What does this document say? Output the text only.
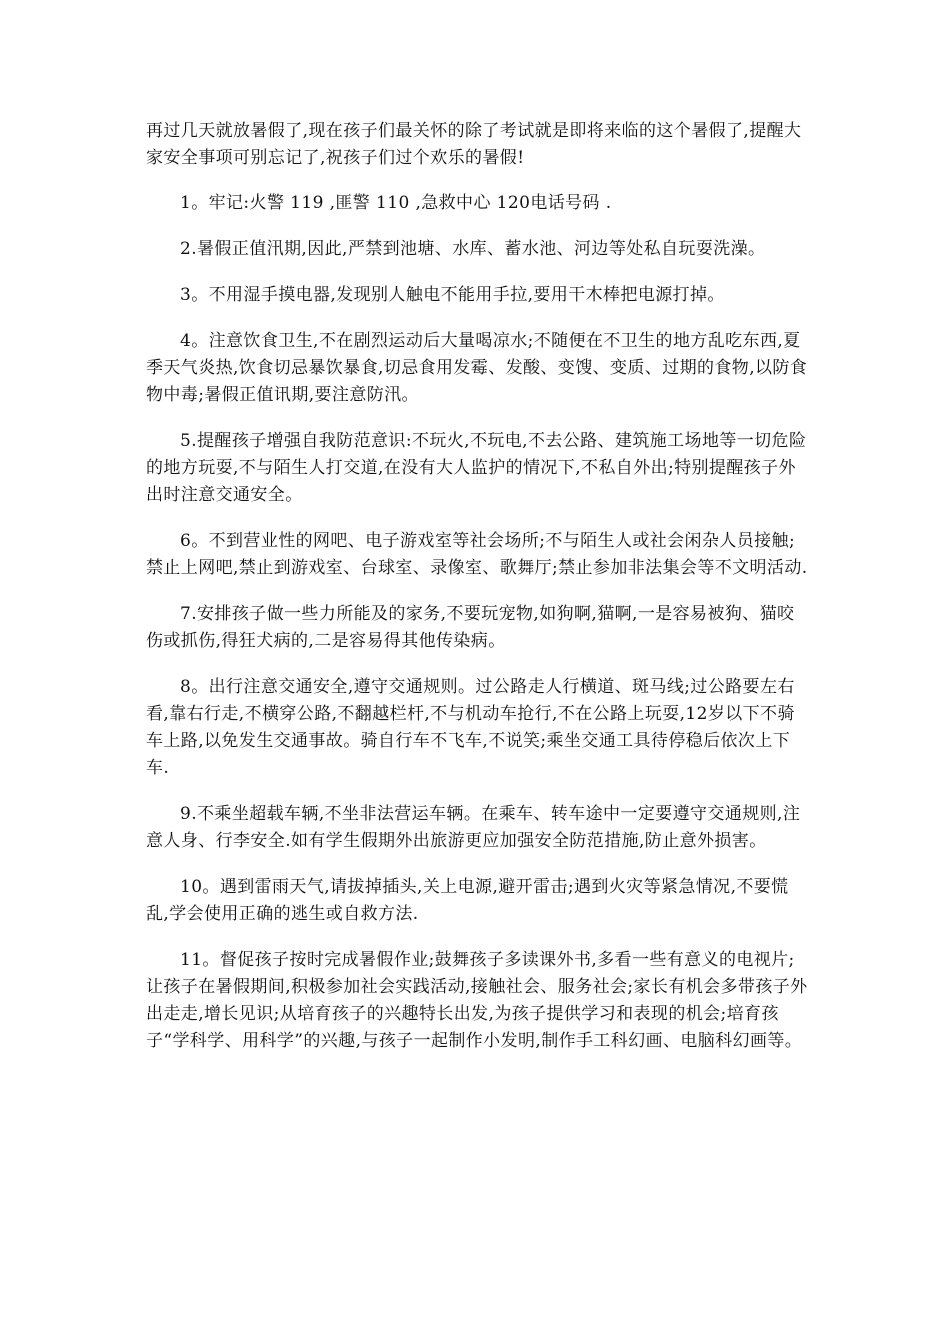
再过几天就放暑假了,现在孩子们最关怀的除了考试就是即将来临的这个暑假了,提醒大家安全事项可别忘记了,祝孩子们过个欢乐的暑假!

1。牢记:火警 119 ,匪警 110 ,急救中心 120电话号码 .

2.暑假正值汛期,因此,严禁到池塘、水库、蓄水池、河边等处私自玩耍洗澡。

3。不用湿手摸电器,发现别人触电不能用手拉,要用干木棒把电源打掉。

4。注意饮食卫生,不在剧烈运动后大量喝凉水;不随便在不卫生的地方乱吃东西,夏季天气炎热,饮食切忌暴饮暴食,切忌食用发霉、发酸、变馊、变质、过期的食物,以防食物中毒;暑假正值讯期,要注意防汛。

5.提醒孩子增强自我防范意识:不玩火,不玩电,不去公路、建筑施工场地等一切危险的地方玩耍,不与陌生人打交道,在没有大人监护的情况下,不私自外出;特别提醒孩子外出时注意交通安全。

6。不到营业性的网吧、电子游戏室等社会场所;不与陌生人或社会闲杂人员接触;禁止上网吧,禁止到游戏室、台球室、录像室、歌舞厅;禁止参加非法集会等不文明活动.

7.安排孩子做一些力所能及的家务,不要玩宠物,如狗啊,猫啊,一是容易被狗、猫咬伤或抓伤,得狂犬病的,二是容易得其他传染病。

8。出行注意交通安全,遵守交通规则。过公路走人行横道、斑马线;过公路要左右看,靠右行走,不横穿公路,不翻越栏杆,不与机动车抢行,不在公路上玩耍,12岁以下不骑车上路,以免发生交通事故。骑自行车不飞车,不说笑;乘坐交通工具待停稳后依次上下车.

9.不乘坐超载车辆,不坐非法营运车辆。在乘车、转车途中一定要遵守交通规则,注意人身、行李安全.如有学生假期外出旅游更应加强安全防范措施,防止意外损害。

10。遇到雷雨天气,请拔掉插头,关上电源,避开雷击;遇到火灾等紧急情况,不要慌乱,学会使用正确的逃生或自救方法.

11。督促孩子按时完成暑假作业;鼓舞孩子多读课外书,多看一些有意义的电视片;让孩子在暑假期间,积极参加社会实践活动,接触社会、服务社会;家长有机会多带孩子外出走走,增长见识;从培育孩子的兴趣特长出发,为孩子提供学习和表现的机会;培育孩子“学科学、用科学”的兴趣,与孩子一起制作小发明,制作手工科幻画、电脑科幻画等。
